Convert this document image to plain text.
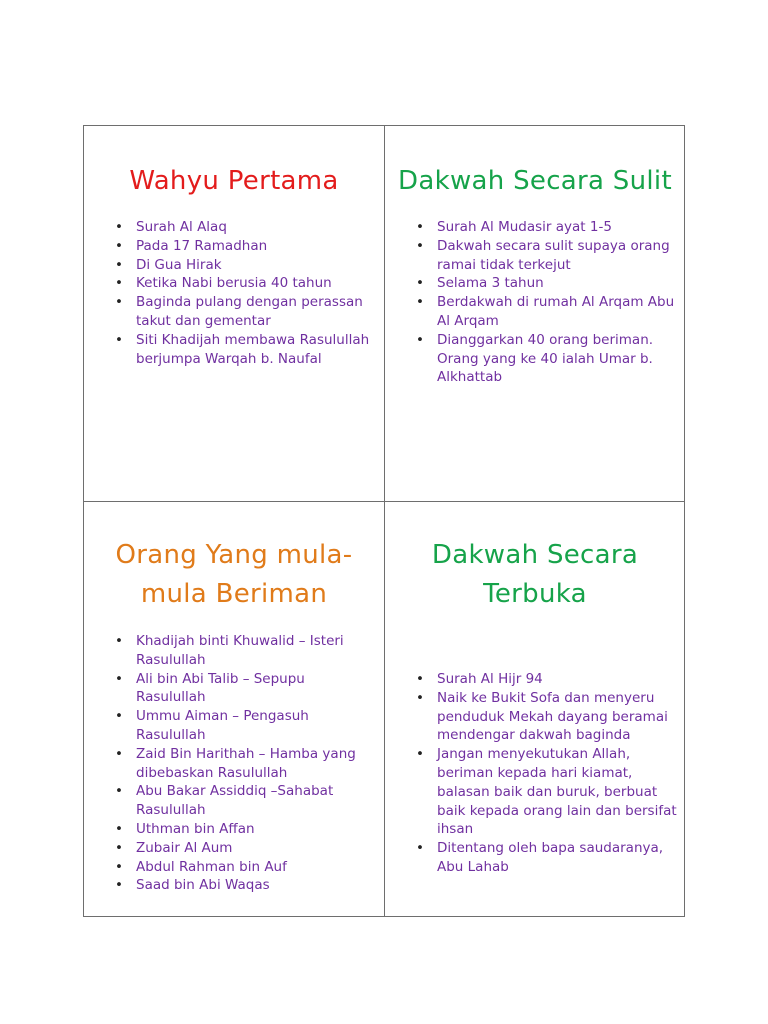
Wahyu Pertama
• Surah Al Alaq
• Pada 17 Ramadhan
• Di Gua Hirak
• Ketika Nabi berusia 40 tahun
• Baginda pulang dengan perassan takut dan gementar
• Siti Khadijah membawa Rasulullah berjumpa Warqah b. Naufal
Dakwah Secara Sulit
• Surah Al Mudasir ayat 1-5
• Dakwah secara sulit supaya orang ramai tidak terkejut
• Selama 3 tahun
• Berdakwah di rumah Al Arqam Abu Al Arqam
• Dianggarkan 40 orang beriman. Orang yang ke 40 ialah Umar b. Alkhattab
Orang Yang mula-
mula Beriman
• Khadijah binti Khuwalid – Isteri Rasulullah
• Ali bin Abi Talib – Sepupu Rasulullah
• Ummu Aiman – Pengasuh Rasulullah
• Zaid Bin Harithah – Hamba yang dibebaskan Rasulullah
• Abu Bakar Assiddiq –Sahabat Rasulullah
• Uthman bin Affan
• Zubair Al Aum
• Abdul Rahman bin Auf
• Saad bin Abi Waqas
Dakwah Secara
Terbuka
• Surah Al Hijr 94
• Naik ke Bukit Sofa dan menyeru penduduk Mekah dayang beramai mendengar dakwah baginda
• Jangan menyekutukan Allah, beriman kepada hari kiamat, balasan baik dan buruk, berbuat baik kepada orang lain dan bersifat ihsan
• Ditentang oleh bapa saudaranya, Abu Lahab
